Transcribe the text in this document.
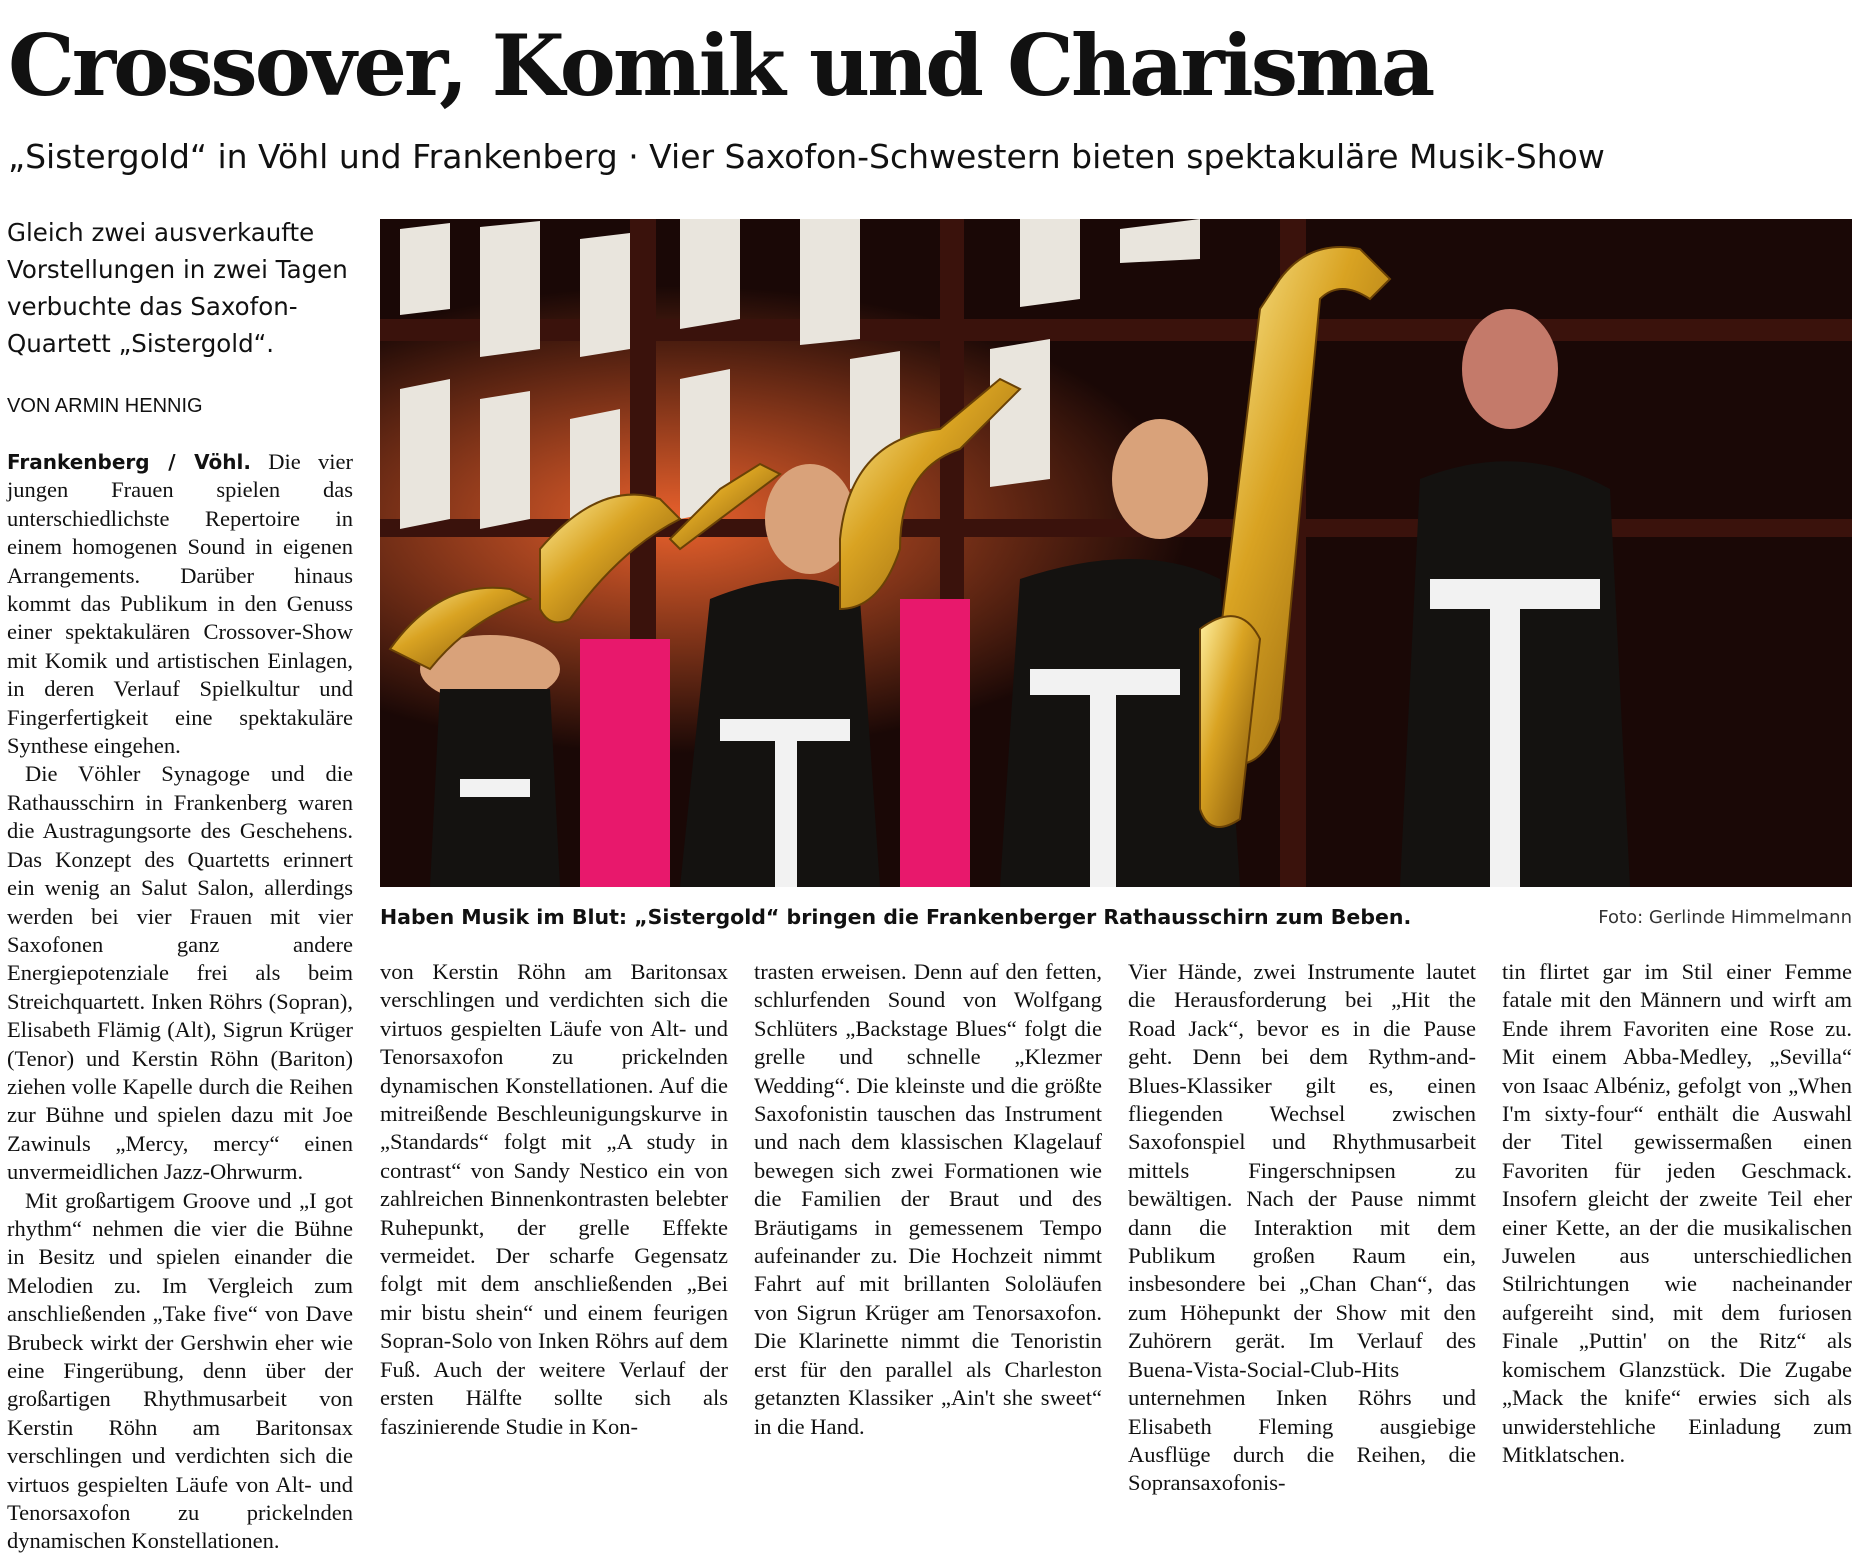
Crossover, Komik und Charisma

„Sistergold“ in Vöhl und Frankenberg · Vier Saxofon-Schwestern bieten spektakuläre Musik-Show

Gleich zwei ausverkaufte Vorstellungen in zwei Tagen verbuchte das Saxofon-Quartett „Sistergold“.

VON ARMIN HENNIG

Frankenberg / Vöhl. Die vier jungen Frauen spielen das unterschiedlichste Repertoire in einem homogenen Sound in eigenen Arrangements. Darüber hinaus kommt das Publikum in den Genuss einer spektakulären Crossover-Show mit Komik und artistischen Einlagen, in deren Verlauf Spielkultur und Fingerfertigkeit eine spektakuläre Synthese eingehen.

Die Vöhler Synagoge und die Rathausschirn in Frankenberg waren die Austragungsorte des Geschehens. Das Konzept des Quartetts erinnert ein wenig an Salut Salon, allerdings werden bei vier Frauen mit vier Saxofonen ganz andere Energiepotenziale frei als beim Streichquartett. Inken Röhrs (Sopran), Elisabeth Flämig (Alt), Sigrun Krüger (Tenor) und Kerstin Röhn (Bariton) ziehen volle Kapelle durch die Reihen zur Bühne und spielen dazu mit Joe Zawinuls „Mercy, mercy“ einen unvermeidlichen Jazz-Ohrwurm.

Mit großartigem Groove und „I got rhythm“ nehmen die vier die Bühne in Besitz und spielen einander die Melodien zu. Im Vergleich zum anschließenden „Take five“ von Dave Brubeck wirkt der Gershwin eher wie eine Fingerübung, denn über der großartigen Rhythmusarbeit von Kerstin Röhn am Baritonsax verschlingen und verdichten sich die virtuos gespielten Läufe von Alt- und Tenorsaxofon zu prickelnden dynamischen Konstellationen.

von Kerstin Röhn am Baritonsax verschlingen und verdichten sich die virtuos gespielten Läufe von Alt- und Tenorsaxofon zu prickelnden dynamischen Konstellationen. Auf die mitreißende Beschleunigungskurve in „Standards“ folgt mit „A study in contrast“ von Sandy Nestico ein von zahlreichen Binnenkontrasten belebter Ruhepunkt, der grelle Effekte vermeidet. Der scharfe Gegensatz folgt mit dem anschließenden „Bei mir bistu shein“ und einem feurigen Sopran-Solo von Inken Röhrs auf dem Fuß. Auch der weitere Verlauf der ersten Hälfte sollte sich als faszinierende Studie in Kon-

trasten erweisen. Denn auf den fetten, schlurfenden Sound von Wolfgang Schlüters „Backstage Blues“ folgt die grelle und schnelle „Klezmer Wedding“. Die kleinste und die größte Saxofonistin tauschen das Instrument und nach dem klassischen Klagelauf bewegen sich zwei Formationen wie die Familien der Braut und des Bräutigams in gemessenem Tempo aufeinander zu. Die Hochzeit nimmt Fahrt auf mit brillanten Sololäufen von Sigrun Krüger am Tenorsaxofon. Die Klarinette nimmt die Tenoristin erst für den parallel als Charleston getanzten Klassiker „Ain't she sweet“ in die Hand.

Vier Hände, zwei Instrumente lautet die Herausforderung bei „Hit the Road Jack“, bevor es in die Pause geht. Denn bei dem Rythm-and-Blues-Klassiker gilt es, einen fliegenden Wechsel zwischen Saxofonspiel und Rhythmusarbeit mittels Fingerschnipsen zu bewältigen. Nach der Pause nimmt dann die Interaktion mit dem Publikum großen Raum ein, insbesondere bei „Chan Chan“, das zum Höhepunkt der Show mit den Zuhörern gerät. Im Verlauf des Buena-Vista-Social-Club-Hits unternehmen Inken Röhrs und Elisabeth Fleming ausgiebige Ausflüge durch die Reihen, die Sopransaxofonis-

tin flirtet gar im Stil einer Femme fatale mit den Männern und wirft am Ende ihrem Favoriten eine Rose zu. Mit einem Abba-Medley, „Sevilla“ von Isaac Albéniz, gefolgt von „When I'm sixty-four“ enthält die Auswahl der Titel gewissermaßen einen Favoriten für jeden Geschmack. Insofern gleicht der zweite Teil eher einer Kette, an der die musikalischen Juwelen aus unterschiedlichen Stilrichtungen wie nacheinander aufgereiht sind, mit dem furiosen Finale „Puttin' on the Ritz“ als komischem Glanzstück. Die Zugabe „Mack the knife“ erwies sich als unwiderstehliche Einladung zum Mitklatschen.

Haben Musik im Blut: „Sistergold“ bringen die Frankenberger Rathausschirn zum Beben.	Foto: Gerlinde Himmelmann
